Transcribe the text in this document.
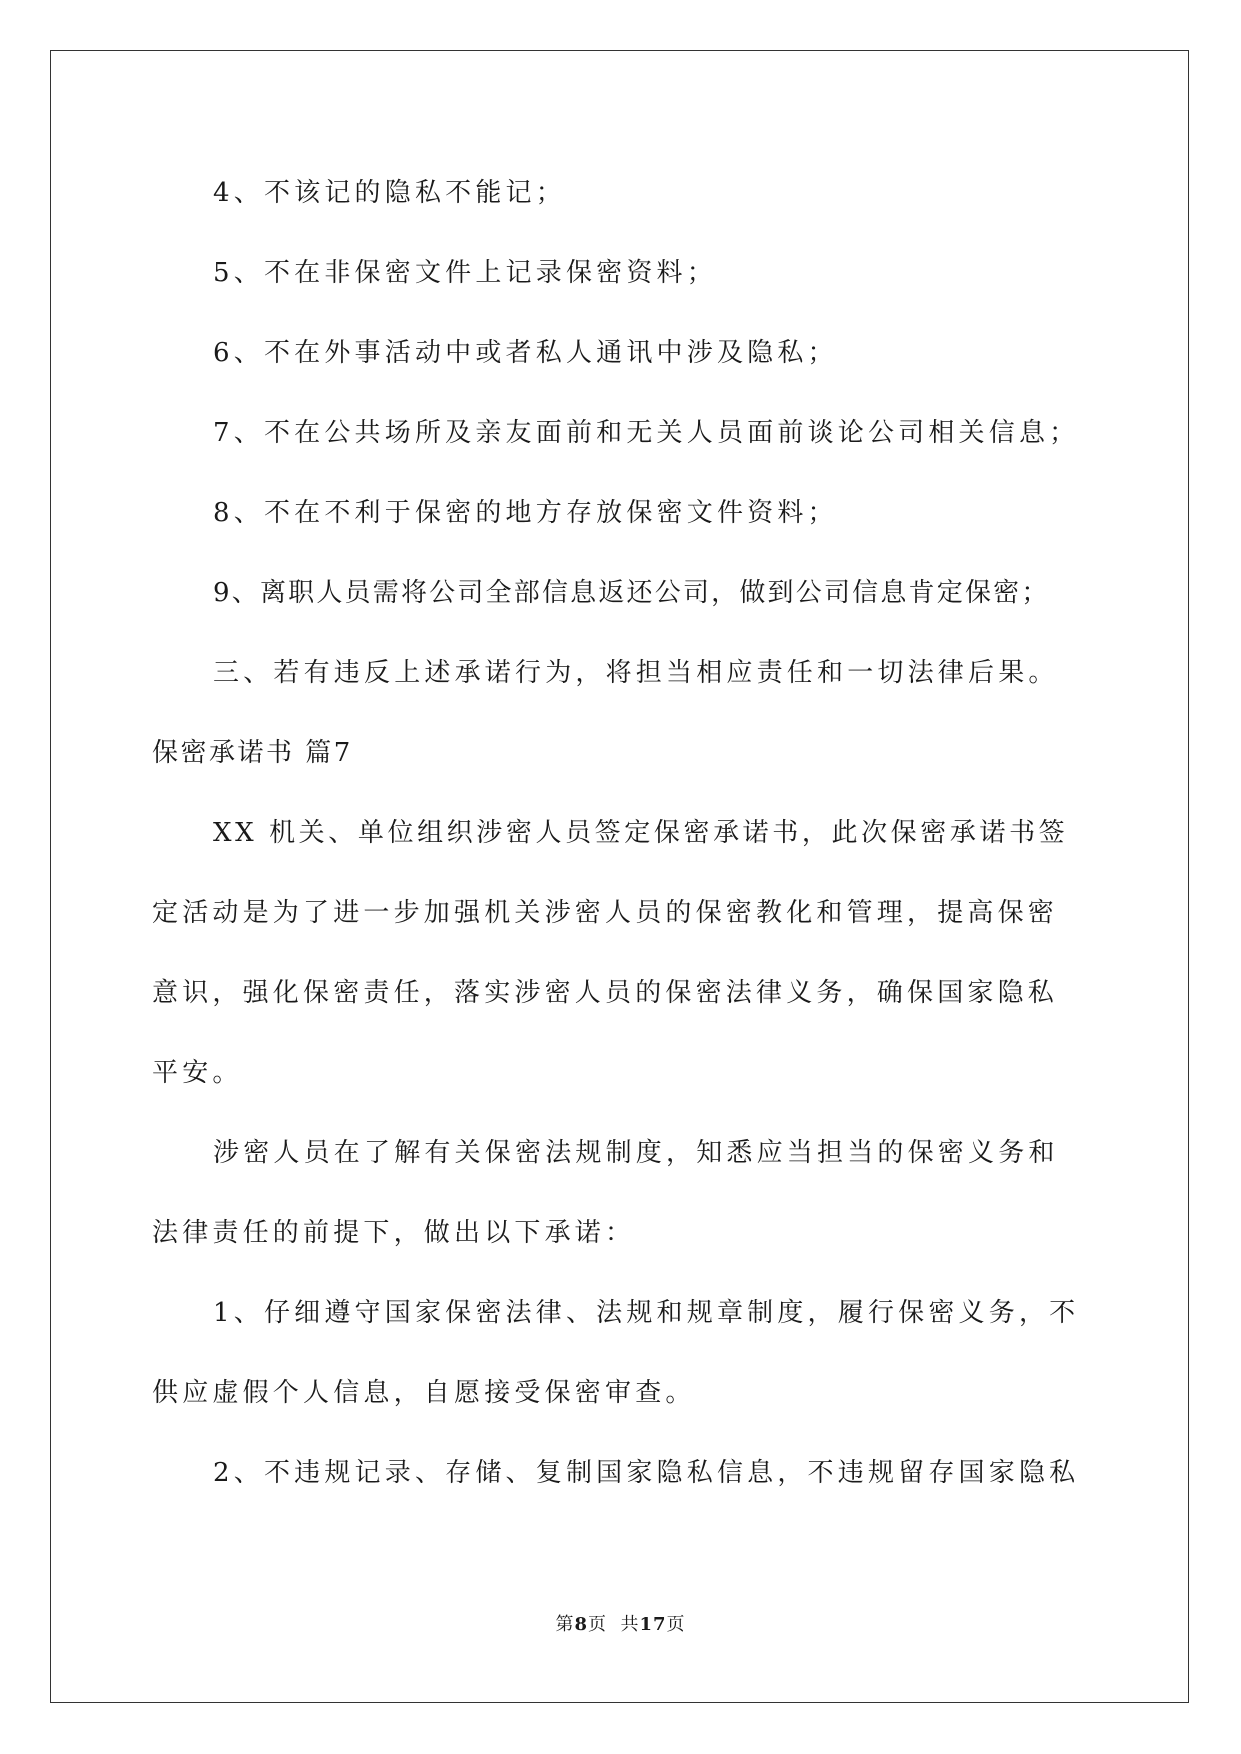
4、不该记的隐私不能记；
5、不在非保密文件上记录保密资料；
6、不在外事活动中或者私人通讯中涉及隐私；
7、不在公共场所及亲友面前和无关人员面前谈论公司相关信息；
8、不在不利于保密的地方存放保密文件资料；
9、离职人员需将公司全部信息返还公司，做到公司信息肯定保密；
三、若有违反上述承诺行为，将担当相应责任和一切法律后果。
保密承诺书 篇7
XX 机关、单位组织涉密人员签定保密承诺书，此次保密承诺书签
定活动是为了进一步加强机关涉密人员的保密教化和管理，提高保密
意识，强化保密责任，落实涉密人员的保密法律义务，确保国家隐私
平安。
涉密人员在了解有关保密法规制度，知悉应当担当的保密义务和
法律责任的前提下，做出以下承诺：
1、仔细遵守国家保密法律、法规和规章制度，履行保密义务，不
供应虚假个人信息，自愿接受保密审查。
2、不违规记录、存储、复制国家隐私信息，不违规留存国家隐私
第8页  共17页
